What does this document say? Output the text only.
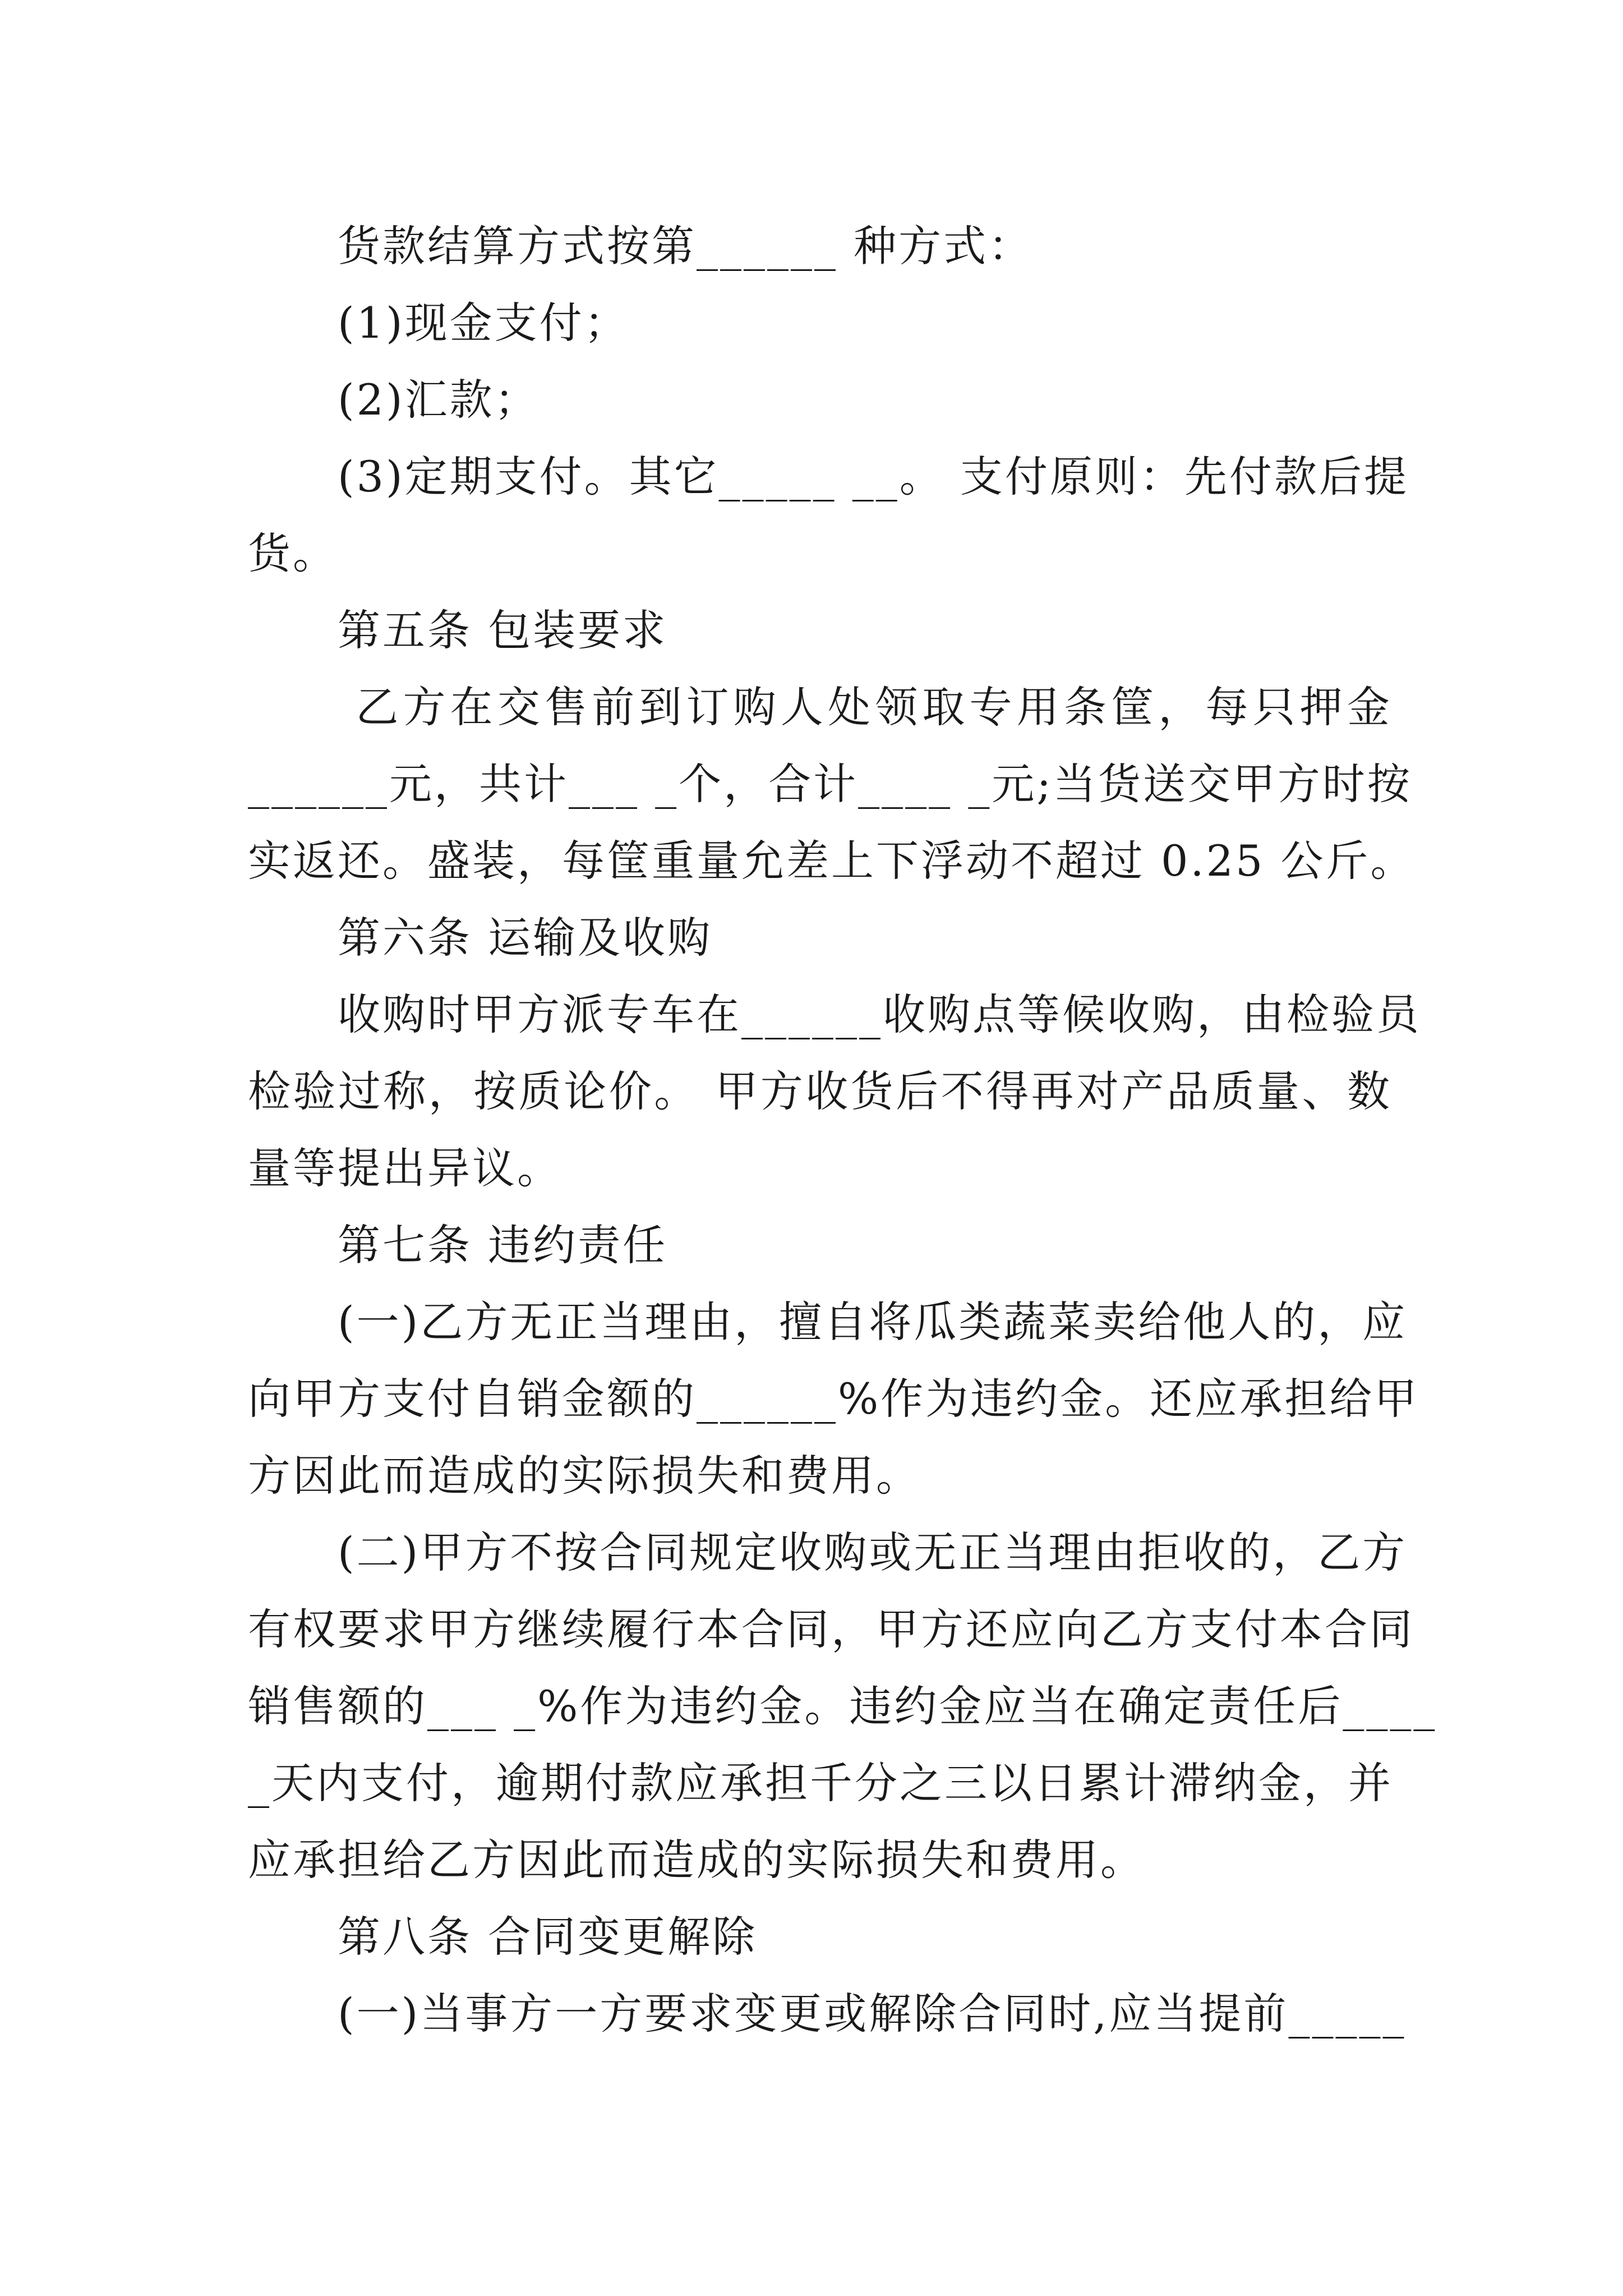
货款结算方式按第______ 种方式：
(1)现金支付；
(2)汇款；
(3)定期支付。其它_____ __。 支付原则：先付款后提
货。
第五条 包装要求
乙方在交售前到订购人处领取专用条筐，每只押金
______元，共计___ _个，合计____ _元;当货送交甲方时按
实返还。盛装，每筐重量允差上下浮动不超过 0.25 公斤。
第六条 运输及收购
收购时甲方派专车在______收购点等候收购，由检验员
检验过称，按质论价。 甲方收货后不得再对产品质量、数
量等提出异议。
第七条 违约责任
(一)乙方无正当理由，擅自将瓜类蔬菜卖给他人的，应
向甲方支付自销金额的______%作为违约金。还应承担给甲
方因此而造成的实际损失和费用。
(二)甲方不按合同规定收购或无正当理由拒收的，乙方
有权要求甲方继续履行本合同，甲方还应向乙方支付本合同
销售额的___ _%作为违约金。违约金应当在确定责任后____
_天内支付，逾期付款应承担千分之三以日累计滞纳金，并
应承担给乙方因此而造成的实际损失和费用。
第八条 合同变更解除
(一)当事方一方要求变更或解除合同时,应当提前_____
